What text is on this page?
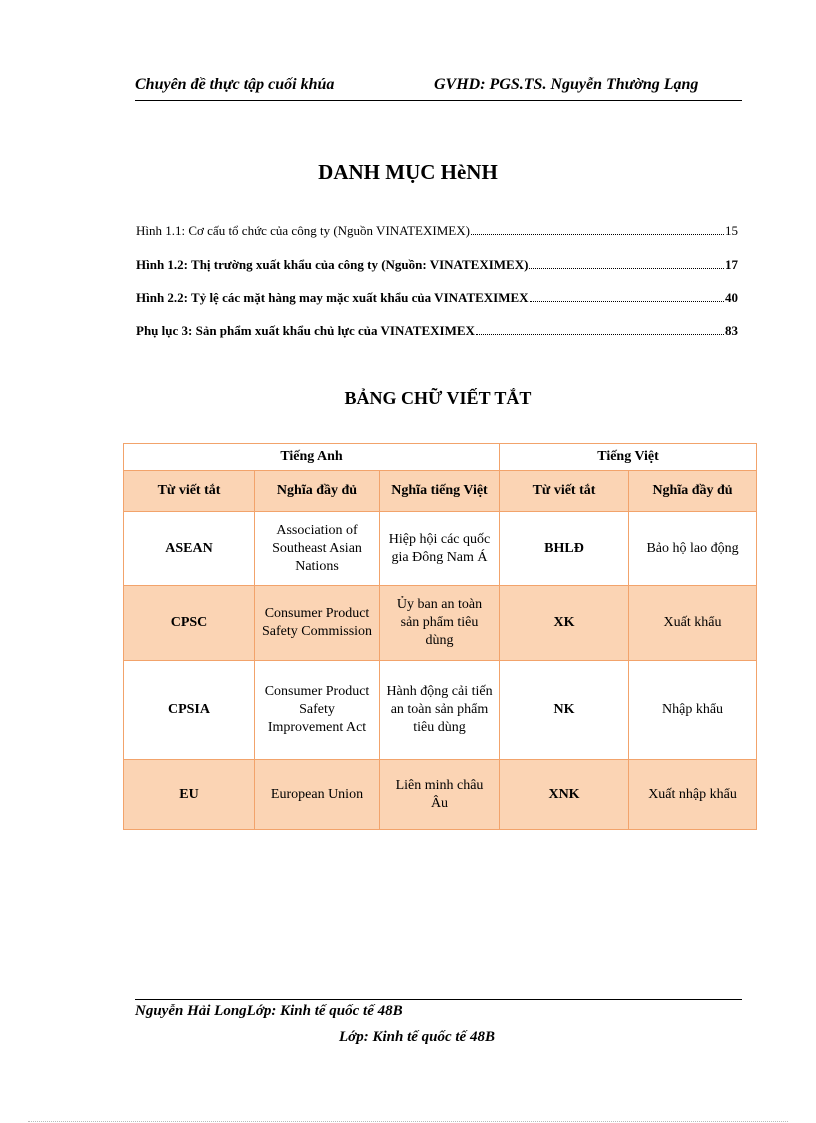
Chuyên đề thực tập cuối khúa	GVHD: PGS.TS. Nguyễn Thường Lạng
DANH MỤC HèNH
Hình 1.1: Cơ cấu tổ chức của công ty (Nguồn VINATEXIMEX)	15
Hình 1.2: Thị trường xuất khẩu của công ty (Nguồn: VINATEXIMEX)	17
Hình 2.2: Tỷ lệ các mặt hàng may mặc xuất khẩu của VINATEXIMEX	40
Phụ lục 3: Sản phẩm xuất khẩu chủ lực của VINATEXIMEX	83
BẢNG CHỮ VIẾT TẮT
Tiếng Anh			Tiếng Việt	
Từ viết tắt	Nghĩa đầy đủ	Nghĩa tiếng Việt	Từ viết tắt	Nghĩa đầy đủ
ASEAN	Association of Southeast Asian Nations	Hiệp hội các quốc gia Đông Nam Á	BHLĐ	Bảo hộ lao động
CPSC	Consumer Product Safety Commission	Ủy ban an toàn sản phẩm tiêu dùng	XK	Xuất khẩu
CPSIA	Consumer Product Safety Improvement Act	Hành động cải tiến an toàn sản phẩm tiêu dùng	NK	Nhập khẩu
EU	European Union	Liên minh châu Âu	XNK	Xuất nhập khẩu
Nguyễn Hải LongLớp: Kinh tế quốc tế 48B
Lớp: Kinh tế quốc tế 48B
